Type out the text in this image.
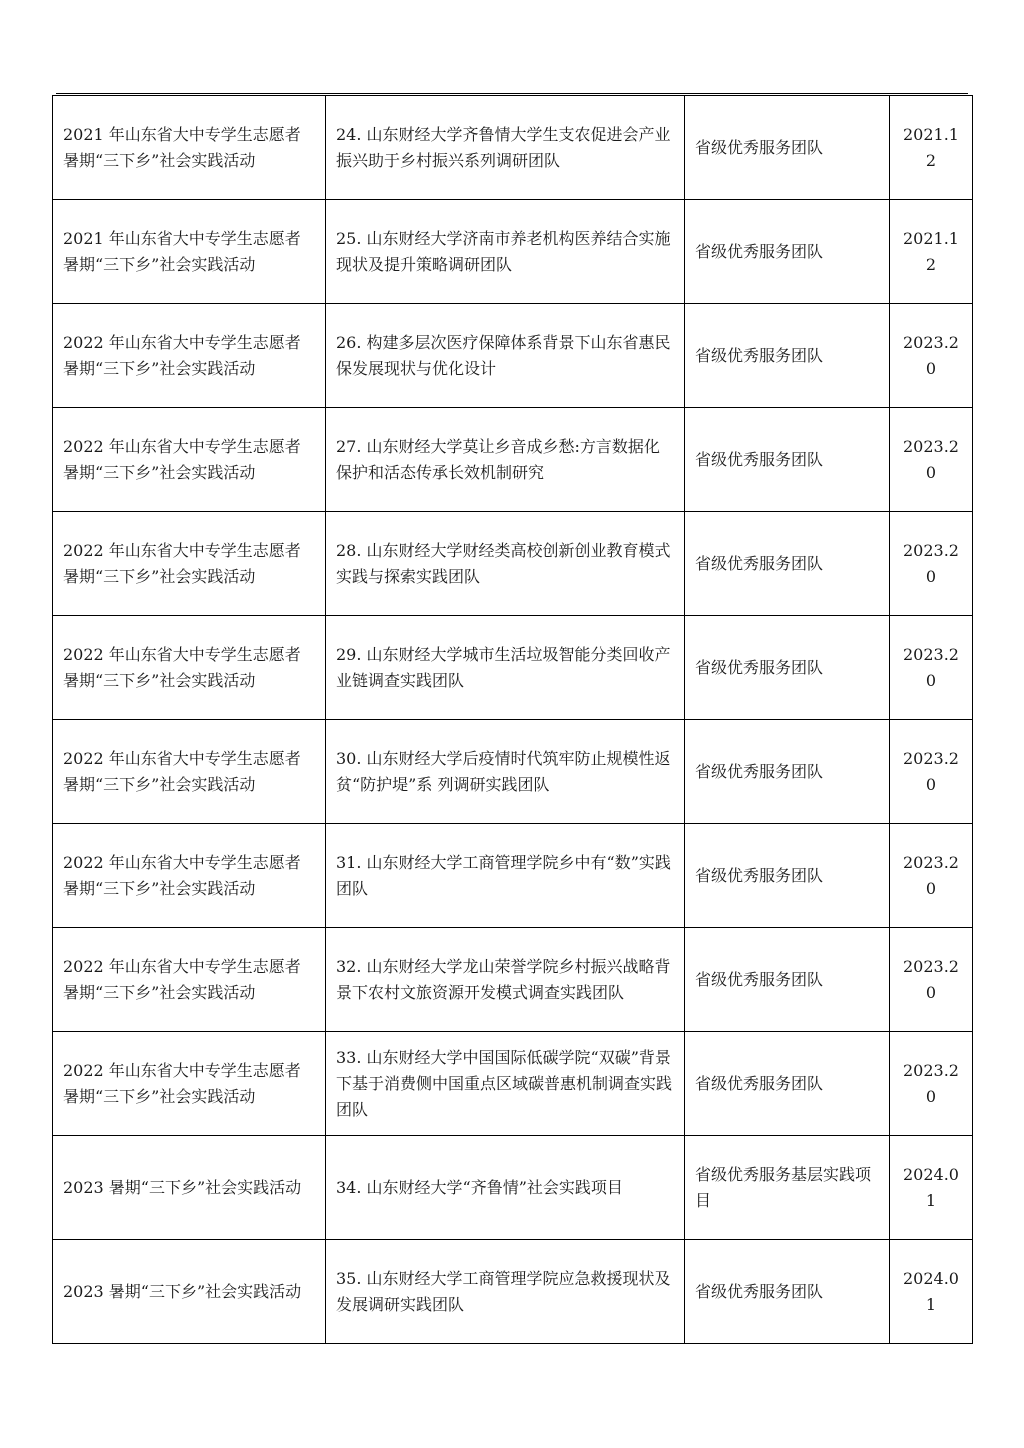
2021 年山东省大中专学生志愿者暑期“三下乡”社会实践活动	24. 山东财经大学齐鲁情大学生支农促进会产业振兴助于乡村振兴系列调研团队	省级优秀服务团队	2021.12
2021 年山东省大中专学生志愿者暑期“三下乡”社会实践活动	25. 山东财经大学济南市养老机构医养结合实施现状及提升策略调研团队	省级优秀服务团队	2021.12
2022 年山东省大中专学生志愿者暑期“三下乡”社会实践活动	26. 构建多层次医疗保障体系背景下山东省惠民保发展现状与优化设计	省级优秀服务团队	2023.20
2022 年山东省大中专学生志愿者暑期“三下乡”社会实践活动	27. 山东财经大学莫让乡音成乡愁:方言数据化保护和活态传承长效机制研究	省级优秀服务团队	2023.20
2022 年山东省大中专学生志愿者暑期“三下乡”社会实践活动	28. 山东财经大学财经类高校创新创业教育模式实践与探索实践团队	省级优秀服务团队	2023.20
2022 年山东省大中专学生志愿者暑期“三下乡”社会实践活动	29. 山东财经大学城市生活垃圾智能分类回收产业链调查实践团队	省级优秀服务团队	2023.20
2022 年山东省大中专学生志愿者暑期“三下乡”社会实践活动	30. 山东财经大学后疫情时代筑牢防止规模性返贫“防护堤”系 列调研实践团队	省级优秀服务团队	2023.20
2022 年山东省大中专学生志愿者暑期“三下乡”社会实践活动	31. 山东财经大学工商管理学院乡中有“数”实践团队	省级优秀服务团队	2023.20
2022 年山东省大中专学生志愿者暑期“三下乡”社会实践活动	32. 山东财经大学龙山荣誉学院乡村振兴战略背景下农村文旅资源开发模式调查实践团队	省级优秀服务团队	2023.20
2022 年山东省大中专学生志愿者暑期“三下乡”社会实践活动	33. 山东财经大学中国国际低碳学院“双碳”背景下基于消费侧中国重点区域碳普惠机制调查实践团队	省级优秀服务团队	2023.20
2023 暑期“三下乡”社会实践活动	34. 山东财经大学“齐鲁情”社会实践项目	省级优秀服务基层实践项目	2024.01
2023 暑期“三下乡”社会实践活动	35. 山东财经大学工商管理学院应急救援现状及发展调研实践团队	省级优秀服务团队	2024.01
